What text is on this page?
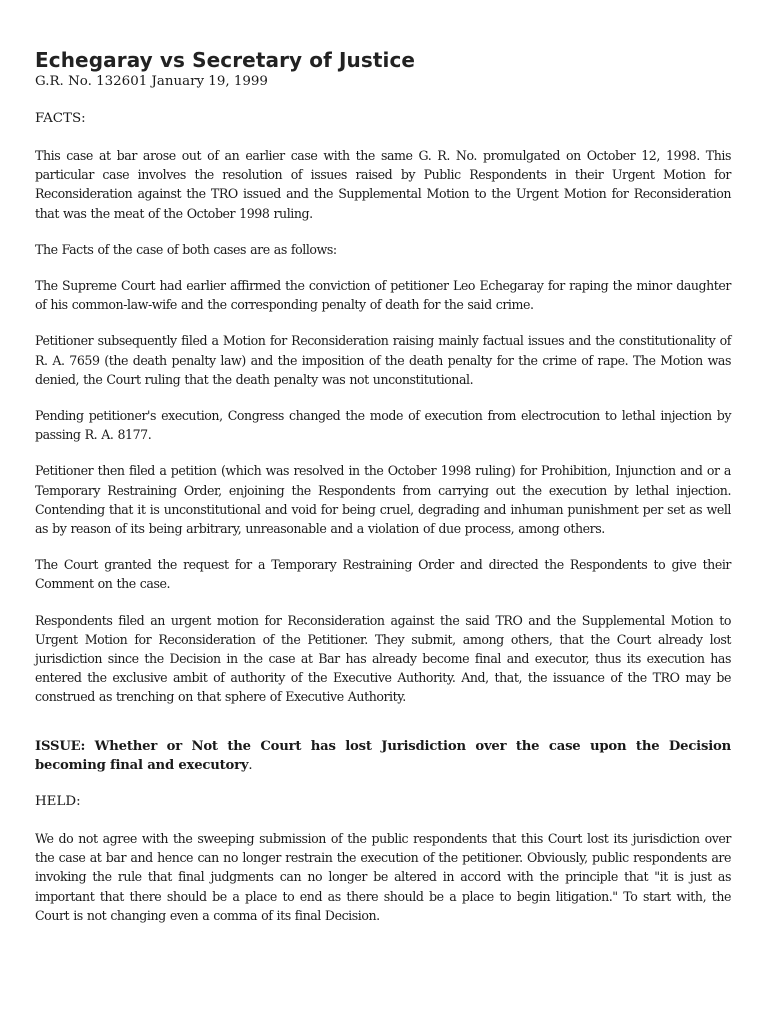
Echegaray vs Secretary of Justice

G.R. No. 132601 January 19, 1999

FACTS:

This case at bar arose out of an earlier case with the same G. R. No. promulgated on October 12, 1998. This particular case involves the resolution of issues raised by Public Respondents in their Urgent Motion for Reconsideration against the TRO issued and the Supplemental Motion to the Urgent Motion for Reconsideration that was the meat of the October 1998 ruling.

The Facts of the case of both cases are as follows:

The Supreme Court had earlier affirmed the conviction of petitioner Leo Echegaray for raping the minor daughter of his common-law-wife and the corresponding penalty of death for the said crime.

Petitioner subsequently filed a Motion for Reconsideration raising mainly factual issues and the constitutionality of R. A. 7659 (the death penalty law) and the imposition of the death penalty for the crime of rape. The Motion was denied, the Court ruling that the death penalty was not unconstitutional.

Pending petitioner's execution, Congress changed the mode of execution from electrocution to lethal injection by passing R. A. 8177.

Petitioner then filed a petition (which was resolved in the October 1998 ruling) for Prohibition, Injunction and or a Temporary Restraining Order, enjoining the Respondents from carrying out the execution by lethal injection. Contending that it is unconstitutional and void for being cruel, degrading and inhuman punishment per set as well as by reason of its being arbitrary, unreasonable and a violation of due process, among others.

The Court granted the request for a Temporary Restraining Order and directed the Respondents to give their Comment on the case.

Respondents filed an urgent motion for Reconsideration against the said TRO and the Supplemental Motion to Urgent Motion for Reconsideration of the Petitioner. They submit, among others, that the Court already lost jurisdiction since the Decision in the case at Bar has already become final and executor, thus its execution has entered the exclusive ambit of authority of the Executive Authority. And, that, the issuance of the TRO may be construed as trenching on that sphere of Executive Authority.

ISSUE: Whether or Not the Court has lost Jurisdiction over the case upon the Decision becoming final and executory.

HELD:

We do not agree with the sweeping submission of the public respondents that this Court lost its jurisdiction over the case at bar and hence can no longer restrain the execution of the petitioner. Obviously, public respondents are invoking the rule that final judgments can no longer be altered in accord with the principle that "it is just as important that there should be a place to end as there should be a place to begin litigation." To start with, the Court is not changing even a comma of its final Decision.
